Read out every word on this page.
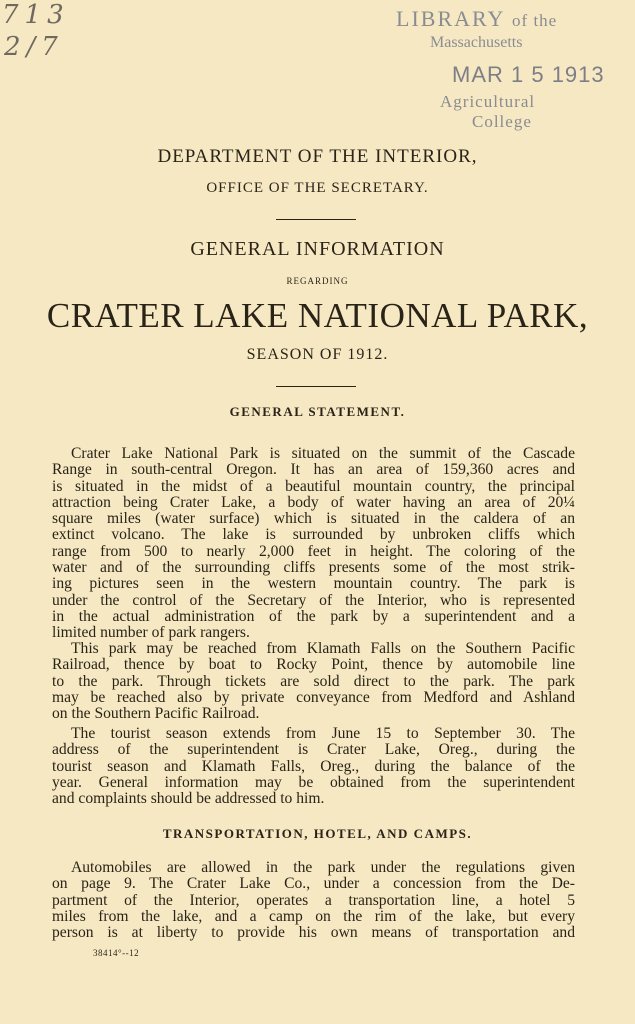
713
2/7
LIBRARY of the
Massachusetts
MAR 1 5 1913
Agricultural
College
DEPARTMENT OF THE INTERIOR,
OFFICE OF THE SECRETARY.
GENERAL INFORMATION
REGARDING
CRATER LAKE NATIONAL PARK,
SEASON OF 1912.
GENERAL STATEMENT.
Crater Lake National Park is situated on the summit of the Cascade
Range in south-central Oregon. It has an area of 159,360 acres and
is situated in the midst of a beautiful mountain country, the principal
attraction being Crater Lake, a body of water having an area of 20¼
square miles (water surface) which is situated in the caldera of an
extinct volcano. The lake is surrounded by unbroken cliffs which
range from 500 to nearly 2,000 feet in height. The coloring of the
water and of the surrounding cliffs presents some of the most strik-
ing pictures seen in the western mountain country. The park is
under the control of the Secretary of the Interior, who is represented
in the actual administration of the park by a superintendent and a
limited number of park rangers.
This park may be reached from Klamath Falls on the Southern Pacific
Railroad, thence by boat to Rocky Point, thence by automobile line
to the park. Through tickets are sold direct to the park. The park
may be reached also by private conveyance from Medford and Ashland
on the Southern Pacific Railroad.
The tourist season extends from June 15 to September 30. The
address of the superintendent is Crater Lake, Oreg., during the
tourist season and Klamath Falls, Oreg., during the balance of the
year. General information may be obtained from the superintendent
and complaints should be addressed to him.
TRANSPORTATION, HOTEL, AND CAMPS.
Automobiles are allowed in the park under the regulations given
on page 9. The Crater Lake Co., under a concession from the De-
partment of the Interior, operates a transportation line, a hotel 5
miles from the lake, and a camp on the rim of the lake, but every
person is at liberty to provide his own means of transportation and
38414°--12
